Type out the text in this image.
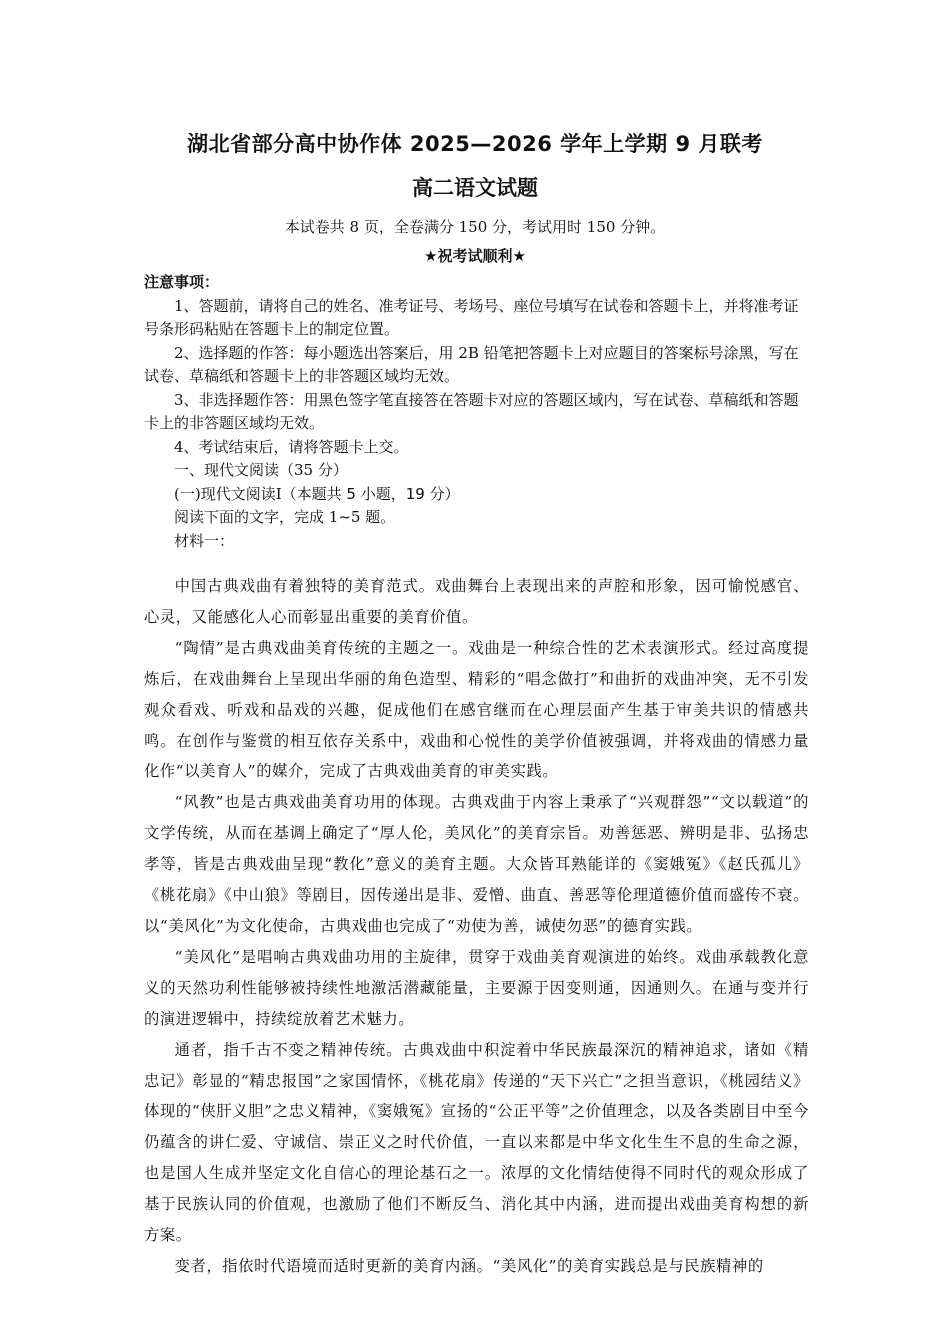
湖北省部分高中协作体 2025—2026 学年上学期 9 月联考
高二语文试题
本试卷共 8 页，全卷满分 150 分，考试用时 150 分钟。
★祝考试顺利★
注意事项：

1、答题前，请将自己的姓名、准考证号、考场号、座位号填写在试卷和答题卡上，并将准考证号条形码粘贴在答题卡上的制定位置。

2、选择题的作答：每小题选出答案后，用 2B 铅笔把答题卡上对应题目的答案标号涂黑，写在试卷、草稿纸和答题卡上的非答题区域均无效。

3、非选择题作答：用黑色签字笔直接答在答题卡对应的答题区域内，写在试卷、草稿纸和答题卡上的非答题区域均无效。

4、考试结束后，请将答题卡上交。

一、现代文阅读（35 分）

(一)现代文阅读Ⅰ（本题共 5 小题，19 分）

阅读下面的文字，完成 1~5 题。

材料一：

中国古典戏曲有着独特的美育范式。戏曲舞台上表现出来的声腔和形象，因可愉悦感官、心灵，又能感化人心而彰显出重要的美育价值。

“陶情”是古典戏曲美育传统的主题之一。戏曲是一种综合性的艺术表演形式。经过高度提炼后，在戏曲舞台上呈现出华丽的角色造型、精彩的“唱念做打”和曲折的戏曲冲突，无不引发观众看戏、听戏和品戏的兴趣，促成他们在感官继而在心理层面产生基于审美共识的情感共鸣。在创作与鉴赏的相互依存关系中，戏曲和心悦性的美学价值被强调，并将戏曲的情感力量化作“以美育人”的媒介，完成了古典戏曲美育的审美实践。

“风教”也是古典戏曲美育功用的体现。古典戏曲于内容上秉承了“兴观群怨”“文以载道”的文学传统，从而在基调上确定了“厚人伦，美风化”的美育宗旨。劝善惩恶、辨明是非、弘扬忠孝等，皆是古典戏曲呈现“教化”意义的美育主题。大众皆耳熟能详的《窦娥冤》《赵氏孤儿》《桃花扇》《中山狼》等剧目，因传递出是非、爱憎、曲直、善恶等伦理道德价值而盛传不衰。以“美风化”为文化使命，古典戏曲也完成了“劝使为善，诫使勿恶”的德育实践。

“美风化”是唱响古典戏曲功用的主旋律，贯穿于戏曲美育观演进的始终。戏曲承载教化意义的天然功利性能够被持续性地激活潜藏能量，主要源于因变则通，因通则久。在通与变并行的演进逻辑中，持续绽放着艺术魅力。

通者，指千古不变之精神传统。古典戏曲中积淀着中华民族最深沉的精神追求，诸如《精忠记》彰显的“精忠报国”之家国情怀，《桃花扇》传递的“天下兴亡”之担当意识，《桃园结义》体现的“侠肝义胆”之忠义精神，《窦娥冤》宣扬的“公正平等”之价值理念，以及各类剧目中至今仍蕴含的讲仁爱、守诚信、崇正义之时代价值，一直以来都是中华文化生生不息的生命之源，也是国人生成并坚定文化自信心的理论基石之一。浓厚的文化情结使得不同时代的观众形成了基于民族认同的价值观，也激励了他们不断反刍、消化其中内涵，进而提出戏曲美育构想的新方案。

变者，指依时代语境而适时更新的美育内涵。“美风化”的美育实践总是与民族精神的
